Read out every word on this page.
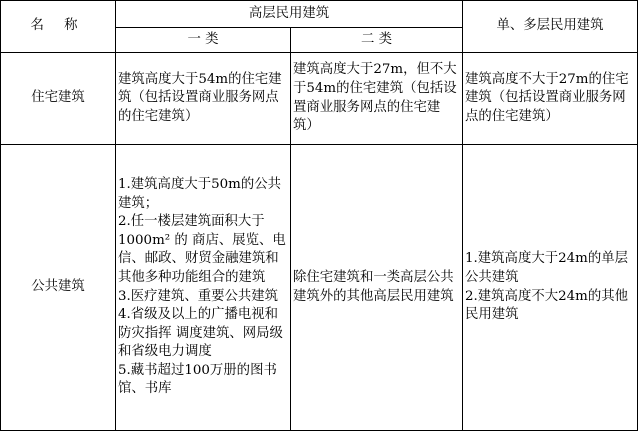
名 称	高层民用建筑		单、多层民用建筑
	一 类	二 类	
住宅建筑	建筑高度大于54m的住宅建筑（包括设置商业服务网点的住宅建筑）	建筑高度大于27m，但不大于54m的住宅建筑（包括设置商业服务网点的住宅建筑）	建筑高度不大于27m的住宅建筑（包括设置商业服务网点的住宅建筑）
公共建筑	1.建筑高度大于50m的公共建筑；
2.任一楼层建筑面积大于1000m² 的 商店、展览、电信、邮政、财贸金融建筑和其他多种功能组合的建筑
3.医疗建筑、重要公共建筑
4.省级及以上的广播电视和防灾指挥 调度建筑、网局级和省级电力调度
5.藏书超过100万册的图书馆、书库	除住宅建筑和一类高层公共建筑外的其他高层民用建筑	1.建筑高度大于24m的单层公共建筑
2.建筑高度不大24m的其他民用建筑
